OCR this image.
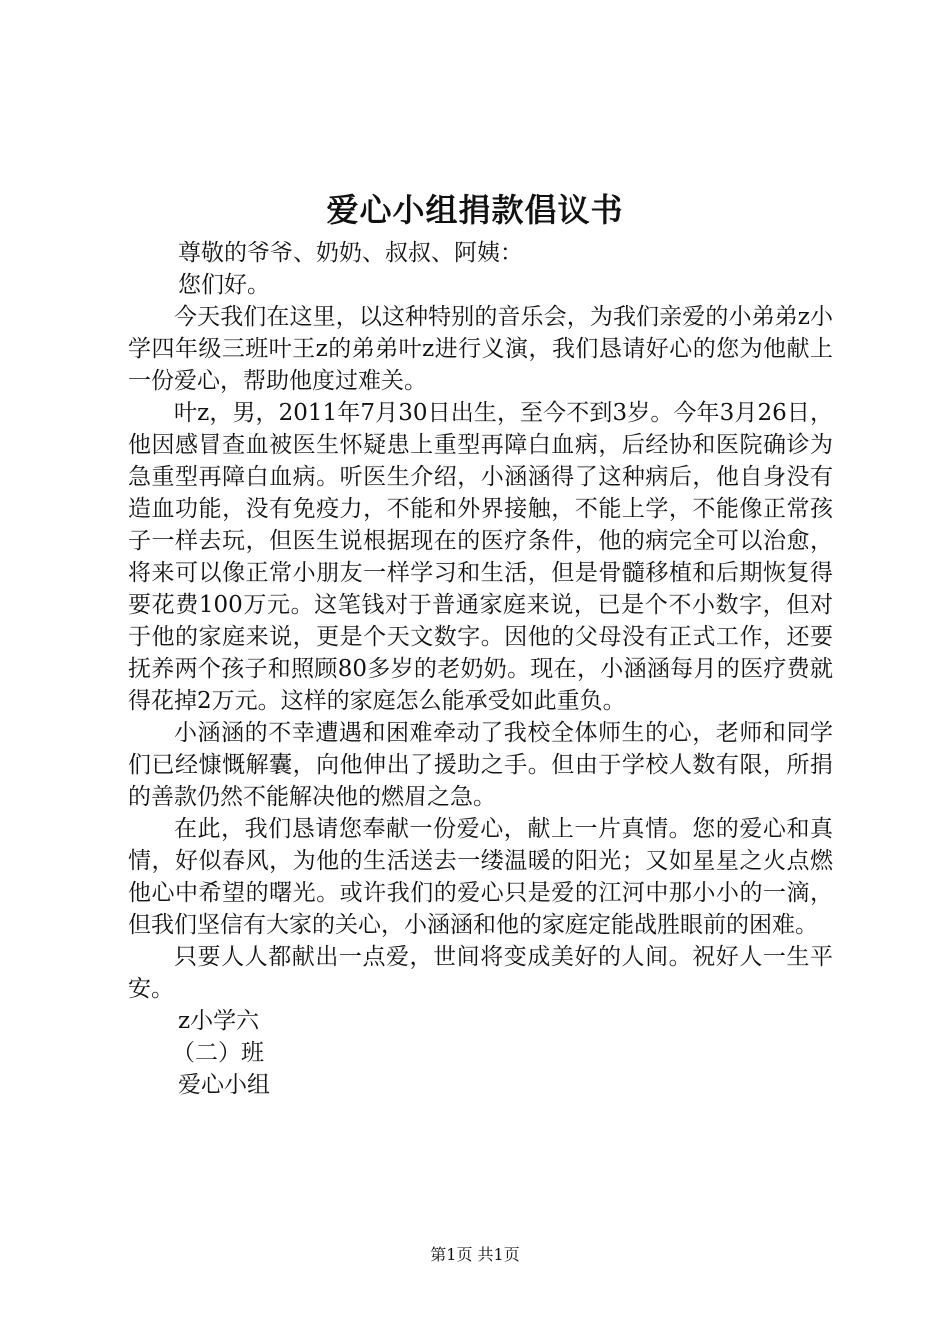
爱心小组捐款倡议书

尊敬的爷爷、奶奶、叔叔、阿姨：

您们好。

今天我们在这里，以这种特别的音乐会，为我们亲爱的小弟弟z小学四年级三班叶王z的弟弟叶z进行义演，我们恳请好心的您为他献上一份爱心，帮助他度过难关。

叶z，男，2011年7月30日出生，至今不到3岁。今年3月26日，他因感冒查血被医生怀疑患上重型再障白血病，后经协和医院确诊为急重型再障白血病。听医生介绍，小涵涵得了这种病后，他自身没有造血功能，没有免疫力，不能和外界接触，不能上学，不能像正常孩子一样去玩，但医生说根据现在的医疗条件，他的病完全可以治愈，将来可以像正常小朋友一样学习和生活，但是骨髓移植和后期恢复得要花费100万元。这笔钱对于普通家庭来说，已是个不小数字，但对于他的家庭来说，更是个天文数字。因他的父母没有正式工作，还要抚养两个孩子和照顾80多岁的老奶奶。现在，小涵涵每月的医疗费就得花掉2万元。这样的家庭怎么能承受如此重负。

小涵涵的不幸遭遇和困难牵动了我校全体师生的心，老师和同学们已经慷慨解囊，向他伸出了援助之手。但由于学校人数有限，所捐的善款仍然不能解决他的燃眉之急。

在此，我们恳请您奉献一份爱心，献上一片真情。您的爱心和真情，好似春风，为他的生活送去一缕温暖的阳光；又如星星之火点燃他心中希望的曙光。或许我们的爱心只是爱的江河中那小小的一滴，但我们坚信有大家的关心，小涵涵和他的家庭定能战胜眼前的困难。

只要人人都献出一点爱，世间将变成美好的人间。祝好人一生平安。

z小学六

（二）班

爱心小组

第1页 共1页
